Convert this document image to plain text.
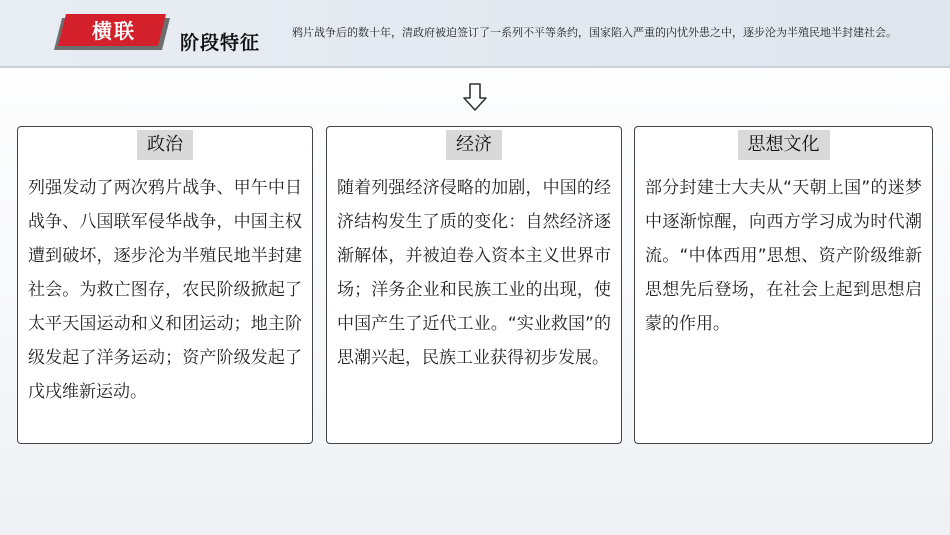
横联	阶段特征	鸦片战争后的数十年，清政府被迫签订了一系列不平等条约，国家陷入严重的内忧外患之中，逐步沦为半殖民地半封建社会。
政治
列强发动了两次鸦片战争、甲午中日战争、八国联军侵华战争，中国主权遭到破坏，逐步沦为半殖民地半封建社会。为救亡图存，农民阶级掀起了太平天国运动和义和团运动；地主阶级发起了洋务运动；资产阶级发起了戊戌维新运动。
经济
随着列强经济侵略的加剧，中国的经济结构发生了质的变化：自然经济逐渐解体，并被迫卷入资本主义世界市场；洋务企业和民族工业的出现，使中国产生了近代工业。“实业救国”的思潮兴起，民族工业获得初步发展。
思想文化
部分封建士大夫从“天朝上国”的迷梦中逐渐惊醒，向西方学习成为时代潮流。“中体西用”思想、资产阶级维新思想先后登场，在社会上起到思想启蒙的作用。
